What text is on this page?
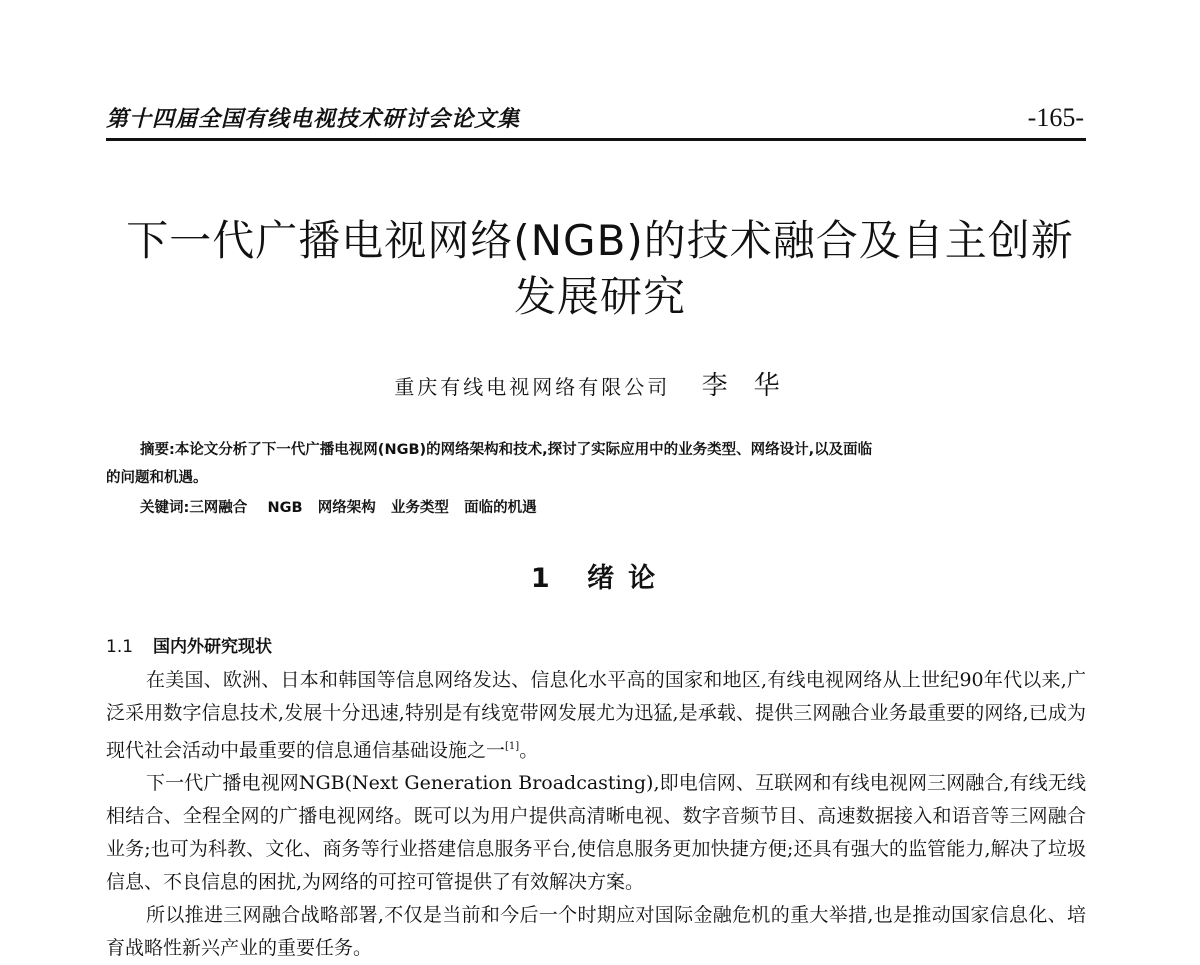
第十四届全国有线电视技术研讨会论文集	-165-
下一代广播电视网络(NGB)的技术融合及自主创新
发展研究
重庆有线电视网络有限公司 李华
摘要:本论文分析了下一代广播电视网(NGB)的网络架构和技术,探讨了实际应用中的业务类型、网络设计,以及面临
的问题和机遇。
关键词:三网融合 NGB 网络架构 业务类型 面临的机遇
1 绪论
1.1 国内外研究现状

在美国、欧洲、日本和韩国等信息网络发达、信息化水平高的国家和地区,有线电视网络从上世纪90年代以来,广泛采用数字信息技术,发展十分迅速,特别是有线宽带网发展尤为迅猛,是承载、提供三网融合业务最重要的网络,已成为现代社会活动中最重要的信息通信基础设施之一[1]。

下一代广播电视网NGB(Next Generation Broadcasting),即电信网、互联网和有线电视网三网融合,有线无线相结合、全程全网的广播电视网络。既可以为用户提供高清晰电视、数字音频节目、高速数据接入和语音等三网融合业务;也可为科教、文化、商务等行业搭建信息服务平台,使信息服务更加快捷方便;还具有强大的监管能力,解决了垃圾信息、不良信息的困扰,为网络的可控可管提供了有效解决方案。

所以推进三网融合战略部署,不仅是当前和今后一个时期应对国际金融危机的重大举措,也是推动国家信息化、培育战略性新兴产业的重要任务。
